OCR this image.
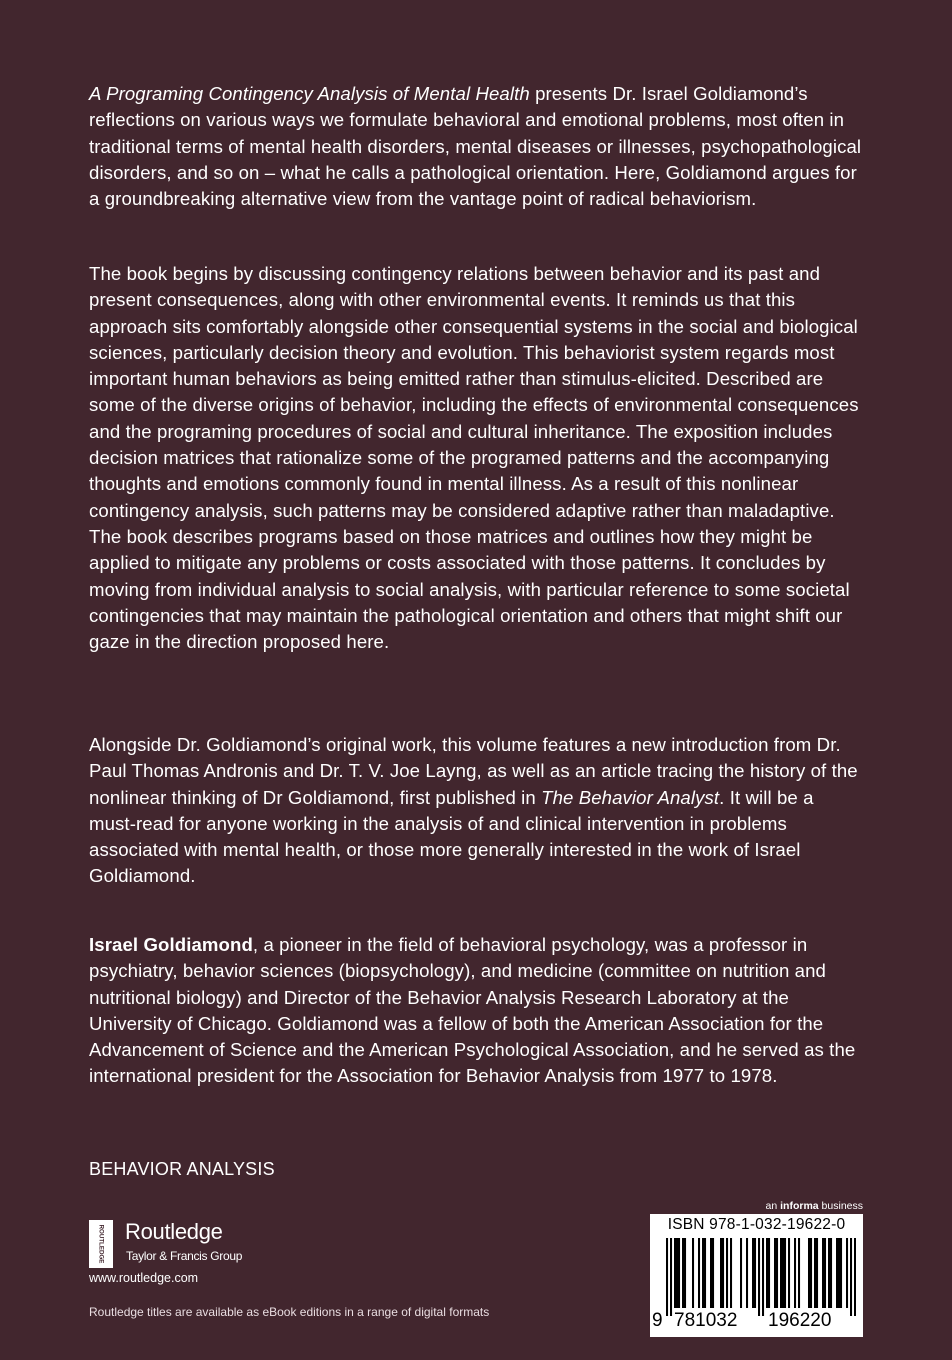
A Programing Contingency Analysis of Mental Health presents Dr. Israel Goldiamond’s reflections on various ways we formulate behavioral and emotional problems, most often in traditional terms of mental health disorders, mental diseases or illnesses, psychopathological disorders, and so on – what he calls a pathological orientation. Here, Goldiamond argues for a groundbreaking alternative view from the vantage point of radical behaviorism.

The book begins by discussing contingency relations between behavior and its past and present consequences, along with other environmental events. It reminds us that this approach sits comfortably alongside other consequential systems in the social and biological sciences, particularly decision theory and evolution. This behaviorist system regards most important human behaviors as being emitted rather than stimulus-elicited. Described are some of the diverse origins of behavior, including the effects of environmental consequences and the programing procedures of social and cultural inheritance. The exposition includes decision matrices that rationalize some of the programed patterns and the accompanying thoughts and emotions commonly found in mental illness. As a result of this nonlinear contingency analysis, such patterns may be considered adaptive rather than maladaptive. The book describes programs based on those matrices and outlines how they might be applied to mitigate any problems or costs associated with those patterns. It concludes by moving from individual analysis to social analysis, with particular reference to some societal contingencies that may maintain the pathological orientation and others that might shift our gaze in the direction proposed here.

Alongside Dr. Goldiamond’s original work, this volume features a new introduction from Dr. Paul Thomas Andronis and Dr. T. V. Joe Layng, as well as an article tracing the history of the nonlinear thinking of Dr Goldiamond, first published in The Behavior Analyst. It will be a must-read for anyone working in the analysis of and clinical intervention in problems associated with mental health, or those more generally interested in the work of Israel Goldiamond.

Israel Goldiamond, a pioneer in the field of behavioral psychology, was a professor in psychiatry, behavior sciences (biopsychology), and medicine (committee on nutrition and nutritional biology) and Director of the Behavior Analysis Research Laboratory at the University of Chicago. Goldiamond was a fellow of both the American Association for the Advancement of Science and the American Psychological Association, and he served as the international president for the Association for Behavior Analysis from 1977 to 1978.

BEHAVIOR ANALYSIS
ROUTLEDGE Routledge
Taylor & Francis Group
www.routledge.com
Routledge titles are available as eBook editions in a range of digital formats
an informa business
ISBN 978-1-032-19622-0
9 781032 196220
